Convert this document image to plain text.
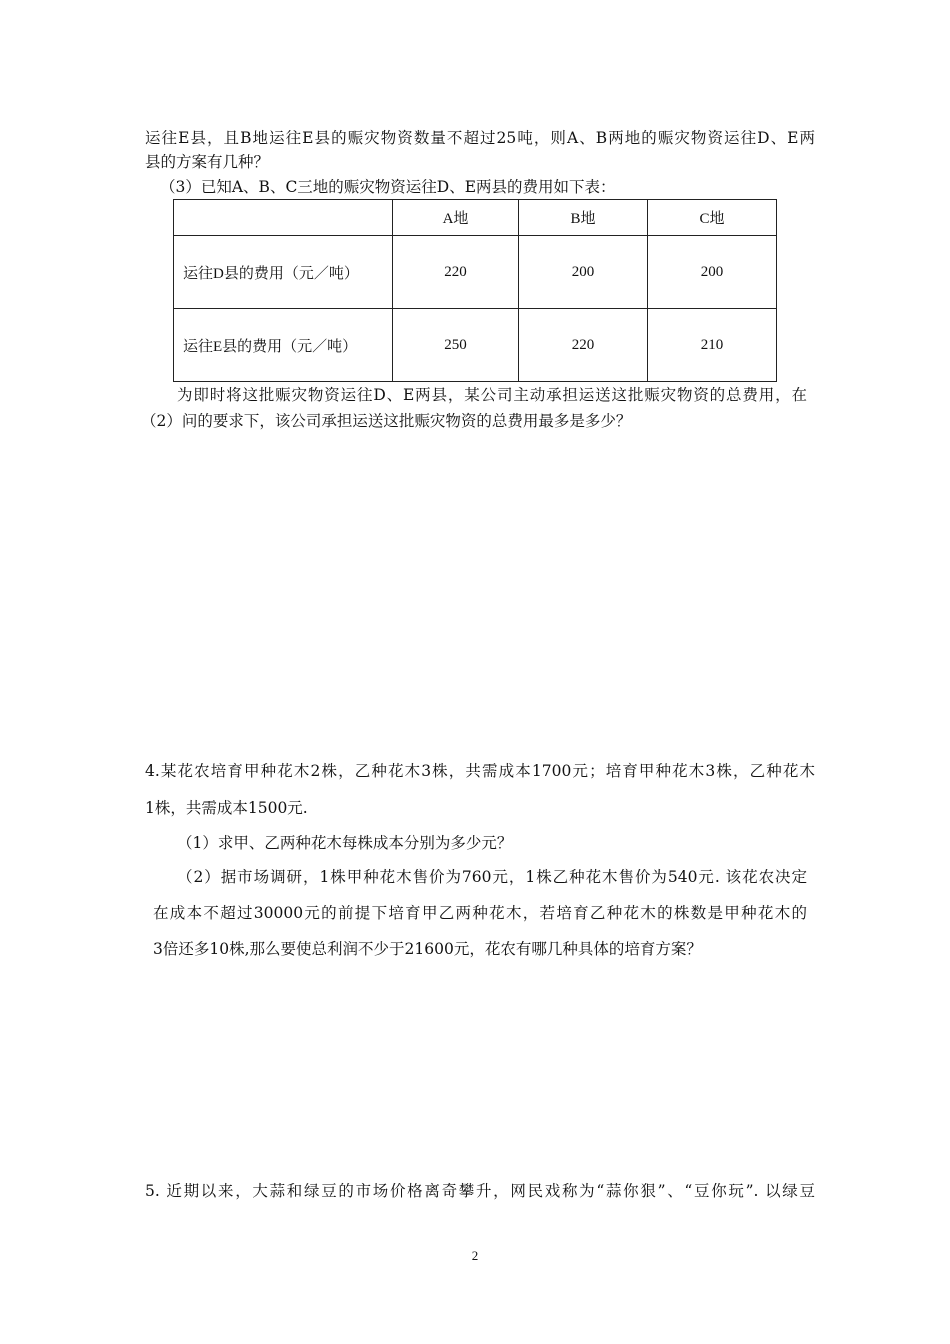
运往E县，且B地运往E县的赈灾物资数量不超过25吨，则A、B两地的赈灾物资运往D、E两
县的方案有几种？
（3）已知A、B、C三地的赈灾物资运往D、E两县的费用如下表：
	A地	B地	C地
运往D县的费用（元／吨）	220	200	200
运往E县的费用（元／吨）	250	220	210
为即时将这批赈灾物资运往D、E两县，某公司主动承担运送这批赈灾物资的总费用，在
（2）问的要求下，该公司承担运送这批赈灾物资的总费用最多是多少？
4.某花农培育甲种花木2株，乙种花木3株，共需成本1700元；培育甲种花木3株，乙种花木
1株，共需成本1500元.
（1）求甲、乙两种花木每株成本分别为多少元？
（2）据市场调研，1株甲种花木售价为760元，1株乙种花木售价为540元. 该花农决定
在成本不超过30000元的前提下培育甲乙两种花木，若培育乙种花木的株数是甲种花木的
3倍还多10株,那么要使总利润不少于21600元，花农有哪几种具体的培育方案？
5. 近期以来，大蒜和绿豆的市场价格离奇攀升，网民戏称为“蒜你狠”、“豆你玩”. 以绿豆
2
